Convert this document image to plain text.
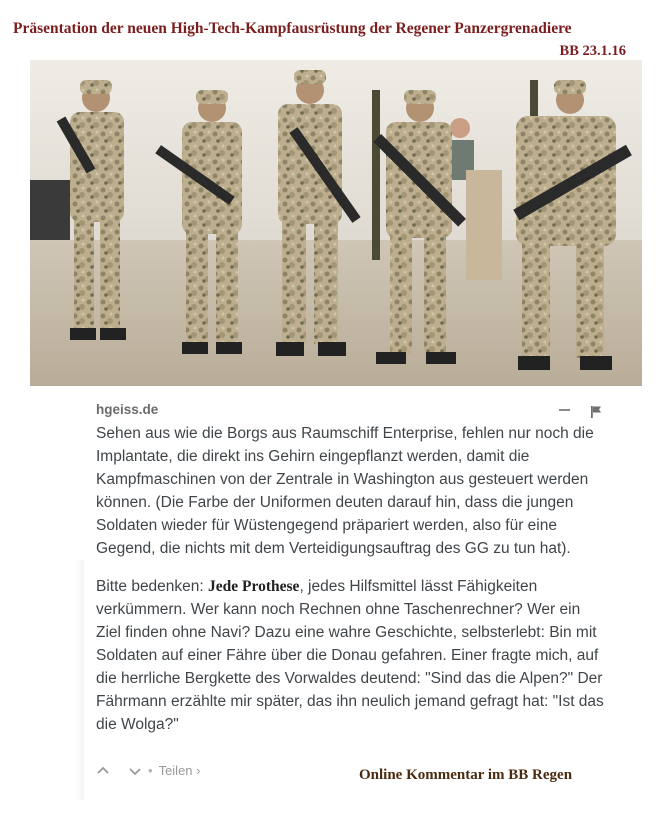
Präsentation der neuen High-Tech-Kampfausrüstung der Regener Panzergrenadiere
BB 23.1.16
hgeiss.de

Sehen aus wie die Borgs aus Raumschiff Enterprise, fehlen nur noch die Implantate, die direkt ins Gehirn eingepflanzt werden, damit die Kampfmaschinen von der Zentrale in Washington aus gesteuert werden können. (Die Farbe der Uniformen deuten darauf hin, dass die jungen Soldaten wieder für Wüstengegend präpariert werden, also für eine Gegend, die nichts mit dem Verteidigungsauftrag des GG zu tun hat).

Bitte bedenken: Jede Prothese, jedes Hilfsmittel lässt Fähigkeiten verkümmern. Wer kann noch Rechnen ohne Taschenrechner? Wer ein Ziel finden ohne Navi? Dazu eine wahre Geschichte, selbsterlebt: Bin mit Soldaten auf einer Fähre über die Donau gefahren. Einer fragte mich, auf die herrliche Bergkette des Vorwaldes deutend: "Sind das die Alpen?" Der Fährmann erzählte mir später, das ihn neulich jemand gefragt hat: "Ist das die Wolga?"

• Teilen ›	Online Kommentar im BB Regen
